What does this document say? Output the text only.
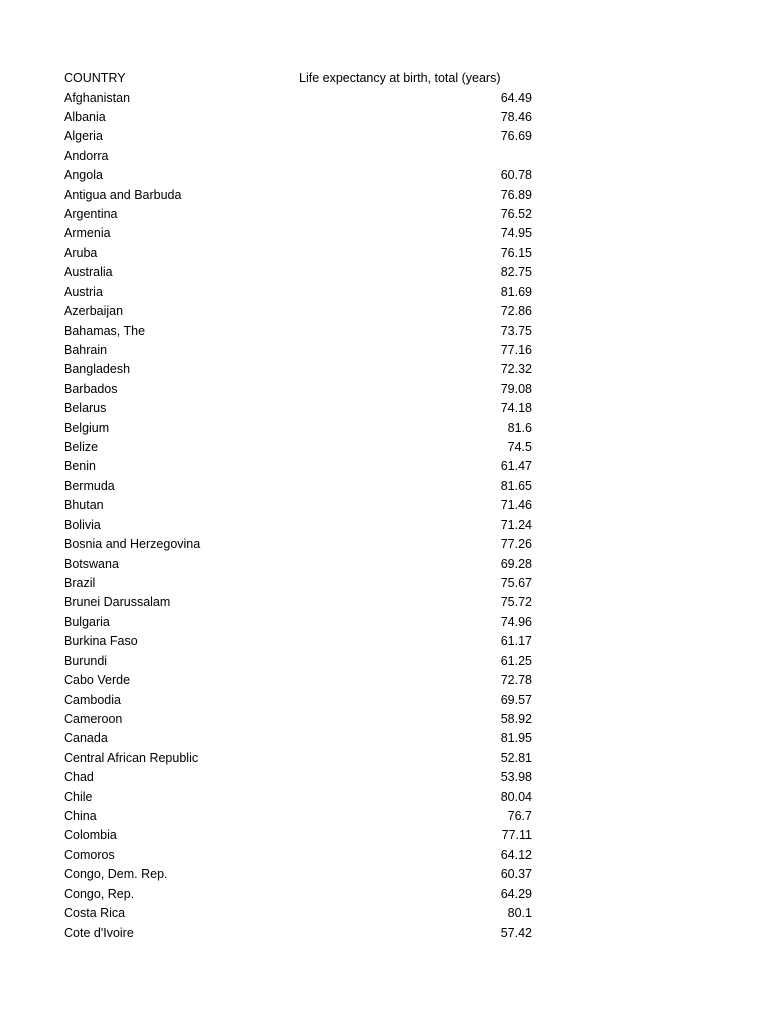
COUNTRY	Life expectancy at birth, total (years)
Afghanistan	64.49
Albania	78.46
Algeria	76.69
Andorra
Angola	60.78
Antigua and Barbuda	76.89
Argentina	76.52
Armenia	74.95
Aruba	76.15
Australia	82.75
Austria	81.69
Azerbaijan	72.86
Bahamas, The	73.75
Bahrain	77.16
Bangladesh	72.32
Barbados	79.08
Belarus	74.18
Belgium	81.6
Belize	74.5
Benin	61.47
Bermuda	81.65
Bhutan	71.46
Bolivia	71.24
Bosnia and Herzegovina	77.26
Botswana	69.28
Brazil	75.67
Brunei Darussalam	75.72
Bulgaria	74.96
Burkina Faso	61.17
Burundi	61.25
Cabo Verde	72.78
Cambodia	69.57
Cameroon	58.92
Canada	81.95
Central African Republic	52.81
Chad	53.98
Chile	80.04
China	76.7
Colombia	77.11
Comoros	64.12
Congo, Dem. Rep.	60.37
Congo, Rep.	64.29
Costa Rica	80.1
Cote d'Ivoire	57.42
